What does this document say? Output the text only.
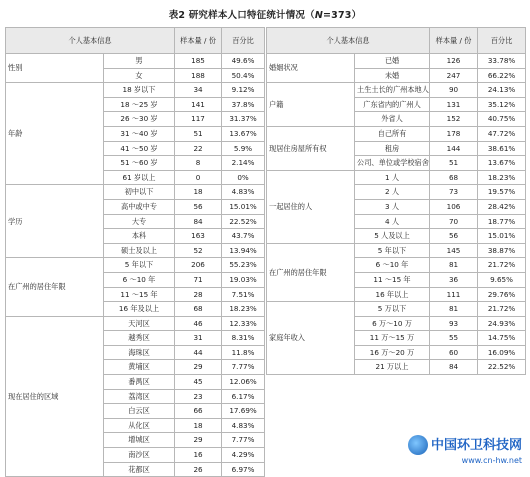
表2 研究样本人口特征统计情况（N=373）
个人基本信息		样本量 / 份	百分比
性别	男	185	49.6%
	女	188	50.4%
年龄	18 岁以下	34	9.12%
	18 ～25 岁	141	37.8%
	26 ～30 岁	117	31.37%
	31 ～40 岁	51	13.67%
	41 ～50 岁	22	5.9%
	51 ～60 岁	8	2.14%
	61 岁以上	0	0%
学历	初中以下	18	4.83%
	高中或中专	56	15.01%
	大专	84	22.52%
	本科	163	43.7%
	硕士及以上	52	13.94%
在广州的居住年限	5 年以下	206	55.23%
	6 ～10 年	71	19.03%
	11 ～15 年	28	7.51%
	16 年及以上	68	18.23%
现在居住的区域	天河区	46	12.33%
	越秀区	31	8.31%
	海珠区	44	11.8%
	黄埔区	29	7.77%
	番禺区	45	12.06%
	荔湾区	23	6.17%
	白云区	66	17.69%
	从化区	18	4.83%
	增城区	29	7.77%
	南沙区	16	4.29%
	花都区	26	6.97%
个人基本信息		样本量 / 份	百分比
婚姻状况	已婚	126	33.78%
	未婚	247	66.22%
户籍	土生土长的广州本地人	90	24.13%
	广东省内的广州人	131	35.12%
	外省人	152	40.75%
现居住房屋所有权	自己所有	178	47.72%
	租房	144	38.61%
	公司、单位或学校宿舍	51	13.67%
一起居住的人	1 人	68	18.23%
	2 人	73	19.57%
	3 人	106	28.42%
	4 人	70	18.77%
	5 人及以上	56	15.01%
在广州的居住年限	5 年以下	145	38.87%
	6 ～10 年	81	21.72%
	11 ～15 年	36	9.65%
	16 年以上	111	29.76%
家庭年收入	5 万以下	81	21.72%
	6 万～10 万	93	24.93%
	11 万～15 万	55	14.75%
	16 万～20 万	60	16.09%
	21 万以上	84	22.52%
中国环卫科技网
www.cn-hw.net
